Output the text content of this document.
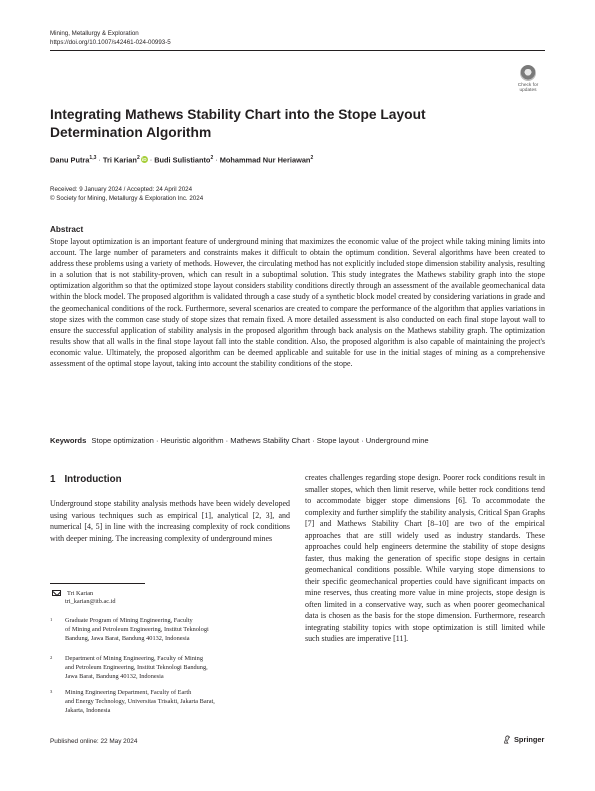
Mining, Metallurgy & Exploration
https://doi.org/10.1007/s42461-024-00993-5
Check for
updates
Integrating Mathews Stability Chart into the Stope Layout Determination Algorithm
Danu Putra$^{1,3}$ · Tri Karian$^2$ iD · Budi Sulistianto$^2$ · Mohammad Nur Heriawan$^2$
Received: 9 January 2024 / Accepted: 24 April 2024
© Society for Mining, Metallurgy & Exploration Inc. 2024
Abstract
Stope layout optimization is an important feature of underground mining that maximizes the economic value of the project while taking mining limits into account. The large number of parameters and constraints makes it difficult to obtain the optimum condition. Several algorithms have been created to address these problems using a variety of methods. However, the circulating method has not explicitly included stope dimension stability analysis, resulting in a solution that is not stability-proven, which can result in a suboptimal solution. This study integrates the Mathews stability graph into the stope optimization algorithm so that the optimized stope layout considers stability conditions directly through an assessment of the available geomechanical data within the block model. The proposed algorithm is validated through a case study of a synthetic block model created by considering variations in grade and the geomechanical conditions of the rock. Furthermore, several scenarios are created to compare the performance of the algorithm that applies variations in stope sizes with the common case study of stope sizes that remain fixed. A more detailed assessment is also conducted on each final stope layout wall to ensure the successful application of stability analysis in the proposed algorithm through back analysis on the Mathews stability graph. The optimization results show that all walls in the final stope layout fall into the stable condition. Also, the proposed algorithm is also capable of maintaining the project's economic value. Ultimately, the proposed algorithm can be deemed applicable and suitable for use in the initial stages of mining as a comprehensive assessment of the optimal stope layout, taking into account the stability conditions of the stope.
Keywords Stope optimization · Heuristic algorithm · Mathews Stability Chart · Stope layout · Underground mine
1 Introduction
Underground stope stability analysis methods have been widely developed using various techniques such as empirical [1], analytical [2, 3], and numerical [4, 5] in line with the increasing complexity of rock conditions with deeper mining. The increasing complexity of underground mines
creates challenges regarding stope design. Poorer rock conditions result in smaller stopes, which then limit reserve, while better rock conditions tend to accommodate bigger stope dimensions [6]. To accommodate the complexity and further simplify the stability analysis, Critical Span Graphs [7] and Mathews Stability Chart [8–10] are two of the empirical approaches that are still widely used as industry standards. These approaches could help engineers determine the stability of stope designs faster, thus making the generation of specific stope designs in certain geomechanical conditions possible. While varying stope dimensions to their specific geomechanical properties could have significant impacts on mine reserves, thus creating more value in mine projects, stope design is often limited in a conservative way, such as when poorer geomechanical data is chosen as the basis for the stope dimension. Furthermore, research integrating stability topics with stope optimization is still limited while such studies are imperative [11].
Tri Karian
tri_karian@itb.ac.id
1 Graduate Program of Mining Engineering, Faculty
of Mining and Petroleum Engineering, Institut Teknologi
Bandung, Jawa Barat, Bandung 40132, Indonesia
2 Department of Mining Engineering, Faculty of Mining
and Petroleum Engineering, Institut Teknologi Bandung,
Jawa Barat, Bandung 40132, Indonesia
3 Mining Engineering Department, Faculty of Earth
and Energy Technology, Universitas Trisakti, Jakarta Barat,
Jakarta, Indonesia
Published online: 22 May 2024	Springer
